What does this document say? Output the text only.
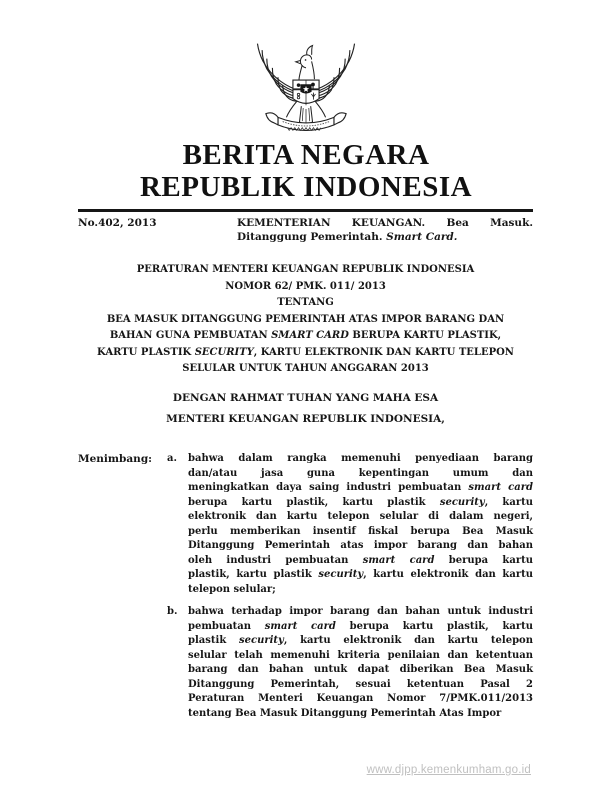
BERITA NEGARA
REPUBLIK INDONESIA
No.402, 2013	KEMENTERIAN KEUANGAN. Bea Masuk.
Ditanggung Pemerintah. Smart Card.
PERATURAN MENTERI KEUANGAN REPUBLIK INDONESIA
NOMOR 62/ PMK. 011/ 2013
TENTANG
BEA MASUK DITANGGUNG PEMERINTAH ATAS IMPOR BARANG DAN
BAHAN GUNA PEMBUATAN SMART CARD BERUPA KARTU PLASTIK,
KARTU PLASTIK SECURITY, KARTU ELEKTRONIK DAN KARTU TELEPON
SELULAR UNTUK TAHUN ANGGARAN 2013
DENGAN RAHMAT TUHAN YANG MAHA ESA
MENTERI KEUANGAN REPUBLIK INDONESIA,
Menimbang:	a.	bahwa dalam rangka memenuhi penyediaan barang
dan/atau jasa guna kepentingan umum dan
meningkatkan daya saing industri pembuatan smart card
berupa kartu plastik, kartu plastik security, kartu
elektronik dan kartu telepon selular di dalam negeri,
perlu memberikan insentif fiskal berupa Bea Masuk
Ditanggung Pemerintah atas impor barang dan bahan
oleh industri pembuatan smart card berupa kartu
plastik, kartu plastik security, kartu elektronik dan kartu
telepon selular;
b.	bahwa terhadap impor barang dan bahan untuk industri
pembuatan smart card berupa kartu plastik, kartu
plastik security, kartu elektronik dan kartu telepon
selular telah memenuhi kriteria penilaian dan ketentuan
barang dan bahan untuk dapat diberikan Bea Masuk
Ditanggung Pemerintah, sesuai ketentuan Pasal 2
Peraturan Menteri Keuangan Nomor 7/PMK.011/2013
tentang Bea Masuk Ditanggung Pemerintah Atas Impor
www.djpp.kemenkumham.go.id
